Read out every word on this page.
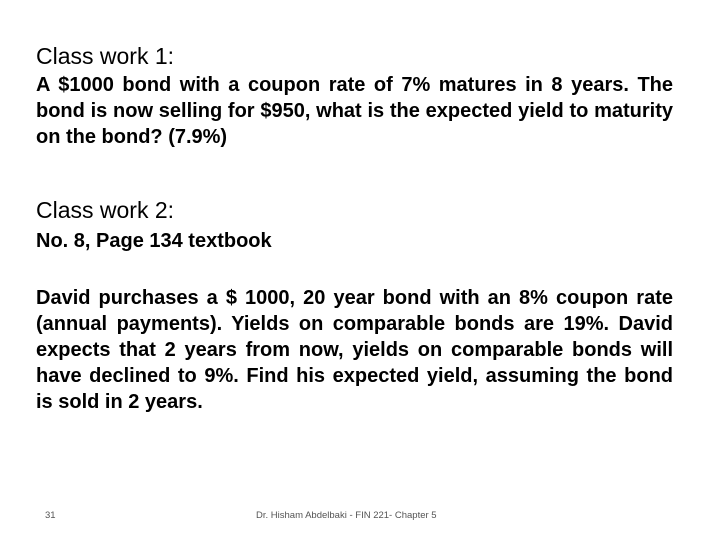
Class work 1:

A $1000 bond with a coupon rate of 7% matures in 8 years. The bond is now selling for $950, what is the expected yield to maturity on the bond? (7.9%)

Class work 2:

No. 8, Page 134 textbook

David purchases a $ 1000, 20 year bond with an 8% coupon rate (annual payments). Yields on comparable bonds are 19%. David expects that 2 years from now, yields on comparable bonds will have declined to 9%. Find his expected yield, assuming the bond is sold in 2 years.

31	Dr. Hisham Abdelbaki - FIN 221- Chapter 5
